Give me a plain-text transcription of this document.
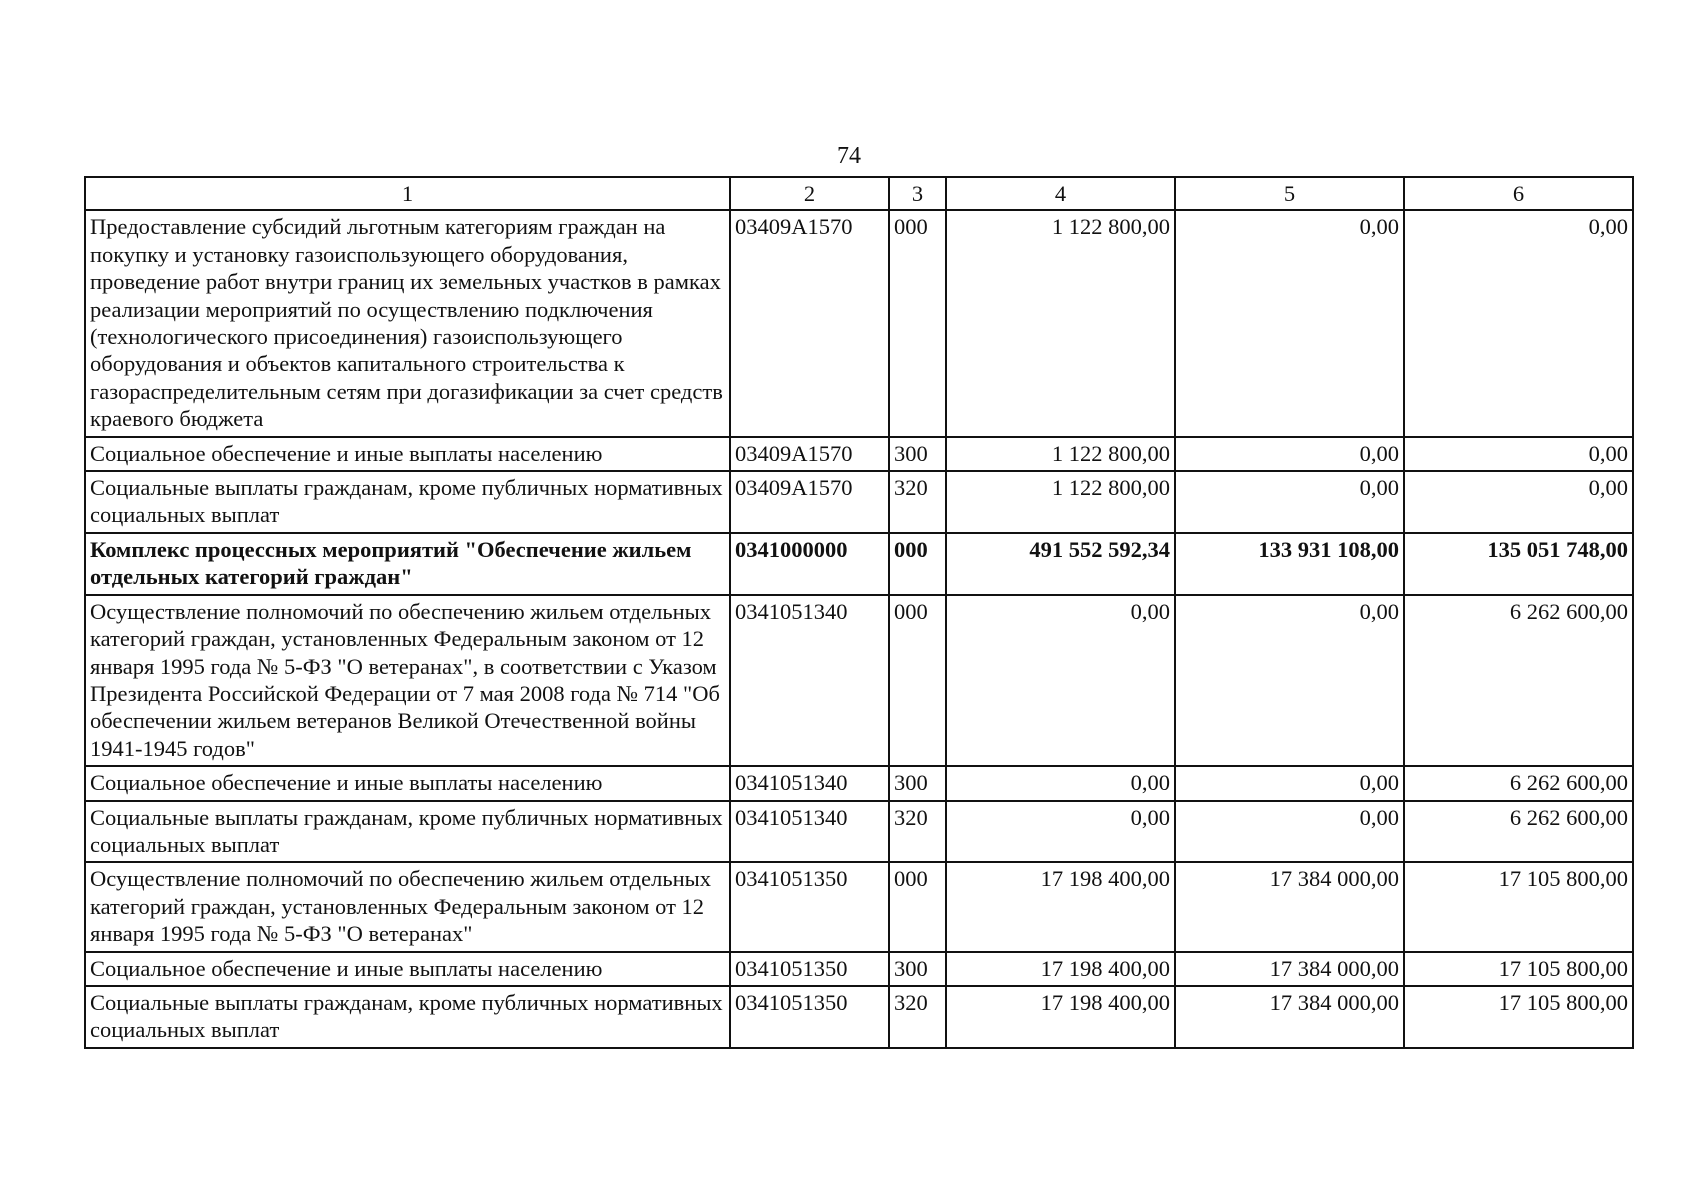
74
1	2	3	4	5	6
Предоставление субсидий льготным категориям граждан на покупку и установку газоиспользующего оборудования, проведение работ внутри границ их земельных участков в рамках реализации мероприятий по осуществлению подключения (технологического присоединения) газоиспользующего оборудования и объектов капитального строительства к газораспределительным сетям при догазификации за счет средств краевого бюджета	03409A1570	000	1 122 800,00	0,00	0,00
Социальное обеспечение и иные выплаты населению	03409A1570	300	1 122 800,00	0,00	0,00
Социальные выплаты гражданам, кроме публичных нормативных социальных выплат	03409A1570	320	1 122 800,00	0,00	0,00
Комплекс процессных мероприятий "Обеспечение жильем отдельных категорий граждан"	0341000000	000	491 552 592,34	133 931 108,00	135 051 748,00
Осуществление полномочий по обеспечению жильем отдельных категорий граждан, установленных Федеральным законом от 12 января 1995 года № 5-ФЗ "О ветеранах", в соответствии с Указом Президента Российской Федерации от 7 мая 2008 года № 714 "Об обеспечении жильем ветеранов Великой Отечественной войны 1941-1945 годов"	0341051340	000	0,00	0,00	6 262 600,00
Социальное обеспечение и иные выплаты населению	0341051340	300	0,00	0,00	6 262 600,00
Социальные выплаты гражданам, кроме публичных нормативных социальных выплат	0341051340	320	0,00	0,00	6 262 600,00
Осуществление полномочий по обеспечению жильем отдельных категорий граждан, установленных Федеральным законом от 12 января 1995 года № 5-ФЗ "О ветеранах"	0341051350	000	17 198 400,00	17 384 000,00	17 105 800,00
Социальное обеспечение и иные выплаты населению	0341051350	300	17 198 400,00	17 384 000,00	17 105 800,00
Социальные выплаты гражданам, кроме публичных нормативных социальных выплат	0341051350	320	17 198 400,00	17 384 000,00	17 105 800,00
